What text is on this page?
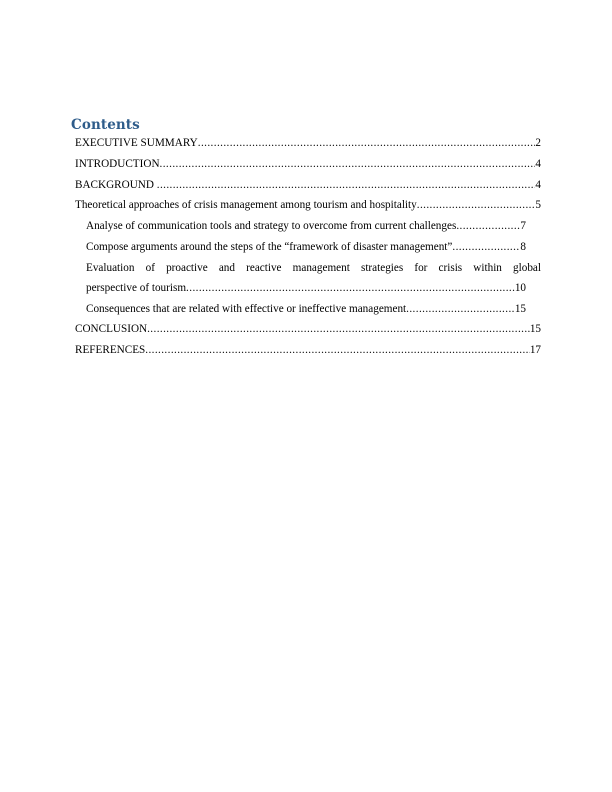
Contents
EXECUTIVE SUMMARY .....	2
INTRODUCTION .....	4
BACKGROUND .....	4
Theoretical approaches of crisis management among tourism and hospitality .....	5
Analyse of communication tools and strategy to overcome from current challenges .....	7
Compose arguments around the steps of the “framework of disaster management” .....	8
Evaluation of proactive and reactive management strategies for crisis within global
perspective of tourism .....	10
Consequences that are related with effective or ineffective management .....	15
CONCLUSION .....	15
REFERENCES .....	17
